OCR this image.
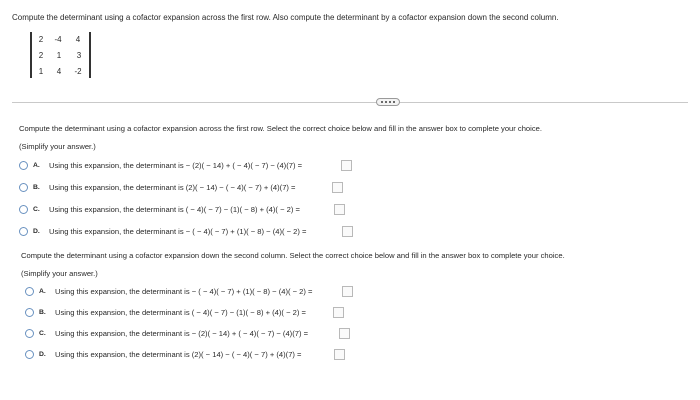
Compute the determinant using a cofactor expansion across the first row. Also compute the determinant by a cofactor expansion down the second column.
2	-4	4
2	1	3
1	4	-2
Compute the determinant using a cofactor expansion across the first row. Select the correct choice below and fill in the answer box to complete your choice.
(Simplify your answer.)
A. Using this expansion, the determinant is − (2)( − 14) + ( − 4)( − 7) − (4)(7) =
B. Using this expansion, the determinant is (2)( − 14) − ( − 4)( − 7) + (4)(7) =
C. Using this expansion, the determinant is ( − 4)( − 7) − (1)( − 8) + (4)( − 2) =
D. Using this expansion, the determinant is − ( − 4)( − 7) + (1)( − 8) − (4)( − 2) =
Compute the determinant using a cofactor expansion down the second column. Select the correct choice below and fill in the answer box to complete your choice.
(Simplify your answer.)
A. Using this expansion, the determinant is − ( − 4)( − 7) + (1)( − 8) − (4)( − 2) =
B. Using this expansion, the determinant is ( − 4)( − 7) − (1)( − 8) + (4)( − 2) =
C. Using this expansion, the determinant is − (2)( − 14) + ( − 4)( − 7) − (4)(7) =
D. Using this expansion, the determinant is (2)( − 14) − ( − 4)( − 7) + (4)(7) =
